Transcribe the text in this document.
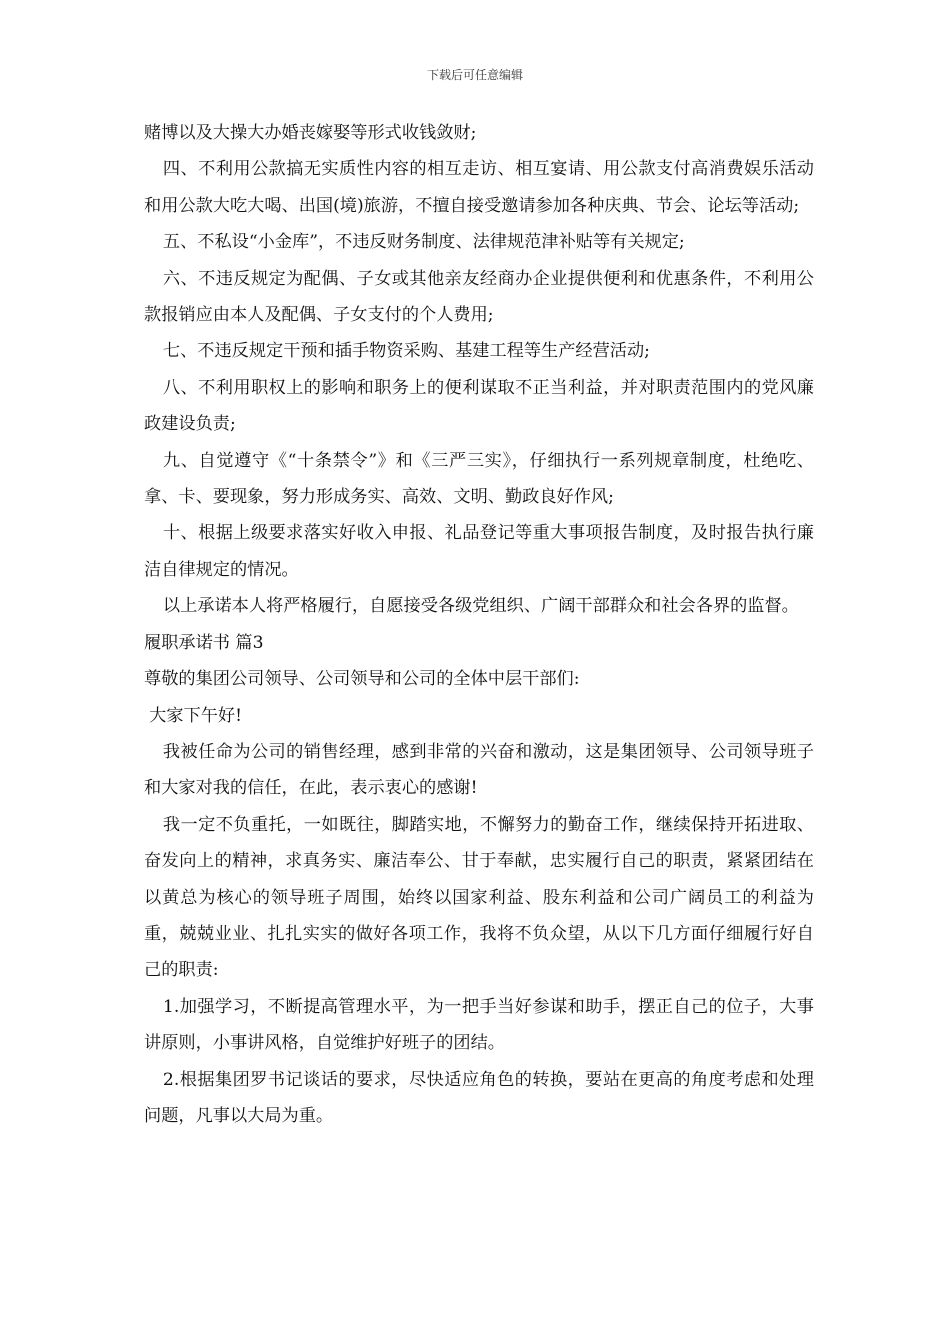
下载后可任意编辑

赌博以及大操大办婚丧嫁娶等形式收钱敛财;

四、不利用公款搞无实质性内容的相互走访、相互宴请、用公款支付高消费娱乐活动和用公款大吃大喝、出国(境)旅游，不擅自接受邀请参加各种庆典、节会、论坛等活动;

五、不私设“小金库”，不违反财务制度、法律规范津补贴等有关规定;

六、不违反规定为配偶、子女或其他亲友经商办企业提供便利和优惠条件，不利用公款报销应由本人及配偶、子女支付的个人费用;

七、不违反规定干预和插手物资采购、基建工程等生产经营活动;

八、不利用职权上的影响和职务上的便利谋取不正当利益，并对职责范围内的党风廉政建设负责;

九、自觉遵守《“十条禁令”》和《三严三实》，仔细执行一系列规章制度，杜绝吃、拿、卡、要现象，努力形成务实、高效、文明、勤政良好作风;

十、根据上级要求落实好收入申报、礼品登记等重大事项报告制度，及时报告执行廉洁自律规定的情况。

以上承诺本人将严格履行，自愿接受各级党组织、广阔干部群众和社会各界的监督。

履职承诺书 篇3

尊敬的集团公司领导、公司领导和公司的全体中层干部们:

大家下午好!

我被任命为公司的销售经理，感到非常的兴奋和激动，这是集团领导、公司领导班子和大家对我的信任，在此，表示衷心的感谢!

我一定不负重托，一如既往，脚踏实地，不懈努力的勤奋工作，继续保持开拓进取、奋发向上的精神，求真务实、廉洁奉公、甘于奉献，忠实履行自己的职责，紧紧团结在以黄总为核心的领导班子周围，始终以国家利益、股东利益和公司广阔员工的利益为重，兢兢业业、扎扎实实的做好各项工作，我将不负众望，从以下几方面仔细履行好自己的职责:

1.加强学习，不断提高管理水平，为一把手当好参谋和助手，摆正自己的位子，大事讲原则，小事讲风格，自觉维护好班子的团结。

2.根据集团罗书记谈话的要求，尽快适应角色的转换，要站在更高的角度考虑和处理问题，凡事以大局为重。
